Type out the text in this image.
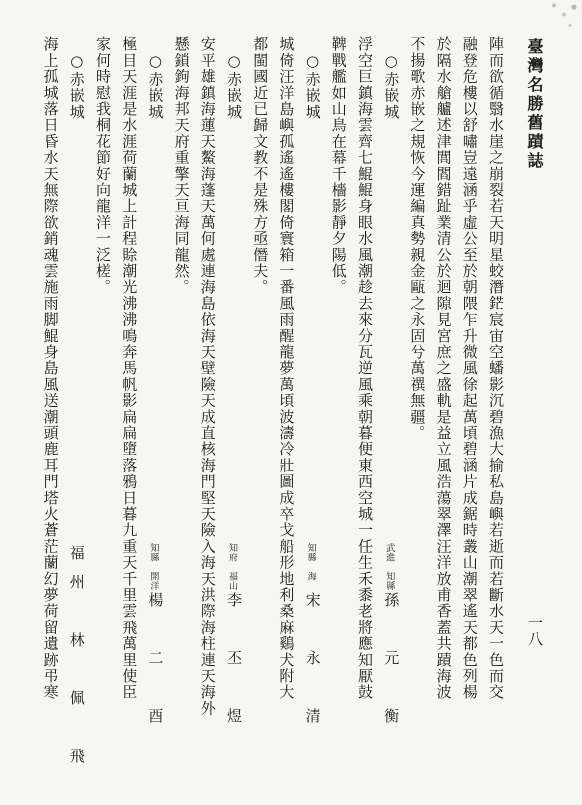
臺灣名勝舊蹟誌
一八
陣而欲循翳水崖之崩裂若天明星蛟潛鋩宸宙空蟠影沉碧漁大揄私島嶼若逝而若斷水天一色而交
融登危樓以舒嘯豈遠涵乎虛公至於朝隈乍升微風徐起萬頃碧涵片成鋸時叢山潮翠遙天都色列楊
於隔水艙艫述津閭閻錯趾業清公於迴隙見宮庶之盛軌是益立風浩蕩翠澤汪洋放甫香蓋共蹟海波
不揚歌赤嵌之規恢今運編真勢親金甌之永固兮萬禩無疆。
○赤嵌城
武進　知縣
孫　元　衡
浮空巨鎮海雲齊七鯤鯤身眼水風潮趁去來分瓦逆風乘朝暮便東西空城一任生禾黍老將應知厭鼓
鞞戰艦如山鳥在幕千檣影靜夕陽低。
○赤嵌城
知縣　海
宋　永　清
城倚汪洋島嶼孤遙遙樓閣倚寰箱一番風雨醒龍夢萬頃波濤冷壯圖成卒戈船形地利桑麻鷄犬附大
都閩國近已歸文教不是殊方亟僭夫。
○赤嵌城
知府　福山
李　丕　煜
安平雄鎮海蓮天鰲海蓬天萬何處連海島依海天壁險天成直核海門堅天險入海天洪際海柱連天海外
懸鎖鉤海邦天府重擎天亘海同龍然。
○赤嵌城
知縣　開洋
楊　二　酉
極目天涯是水涯荷蘭城上計程賒潮光沸沸鳴奔馬帆影扁扁墮落鴉日暮九重天千里雲飛萬里使臣
家何時慰我桐花節好向龍洋一泛槎。
○赤嵌城
福州　林　佩　飛
海上孤城落日昏水天無際欲銷魂雲施雨脚鯤身島風送潮頭鹿耳門塔火蒼茫蘭幻夢荷留遺跡弔寒
